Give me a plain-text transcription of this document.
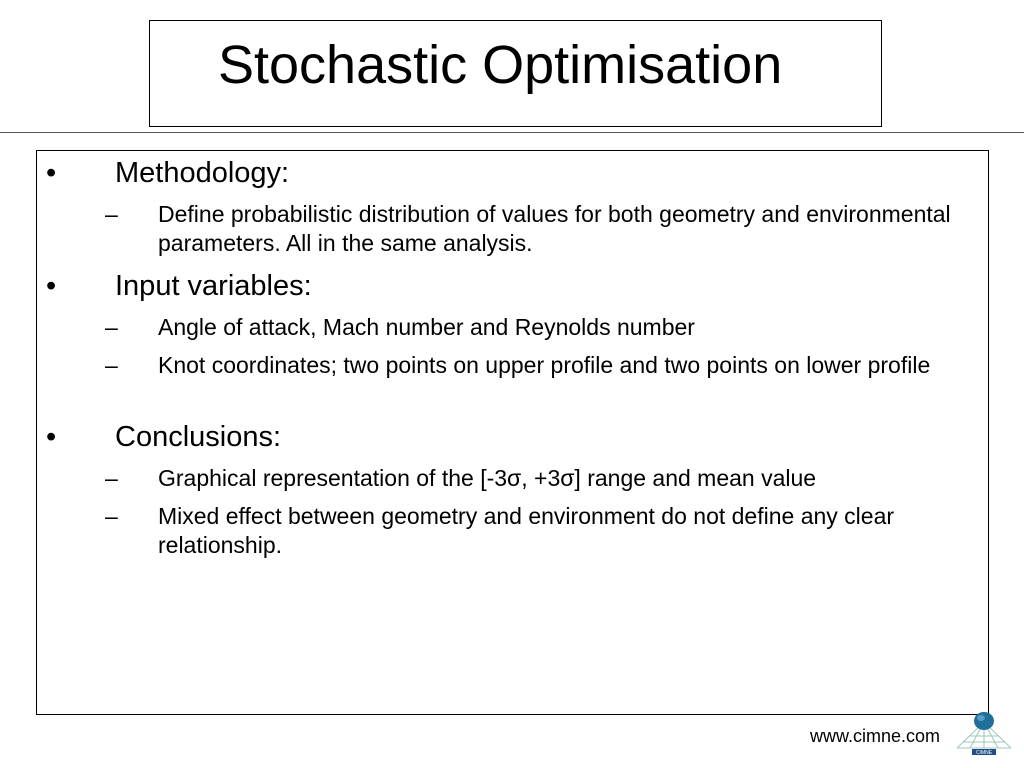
Stochastic Optimisation
• Methodology:
– Define probabilistic distribution of values for both geometry and environmental parameters. All in the same analysis.
• Input variables:
– Angle of attack, Mach number and Reynolds number
– Knot coordinates; two points on upper profile and two points on lower profile
• Conclusions:
– Graphical representation of the [-3σ, +3σ] range and mean value
– Mixed effect between geometry and environment do not define any clear relationship.
www.cimne.com
CIMNE
